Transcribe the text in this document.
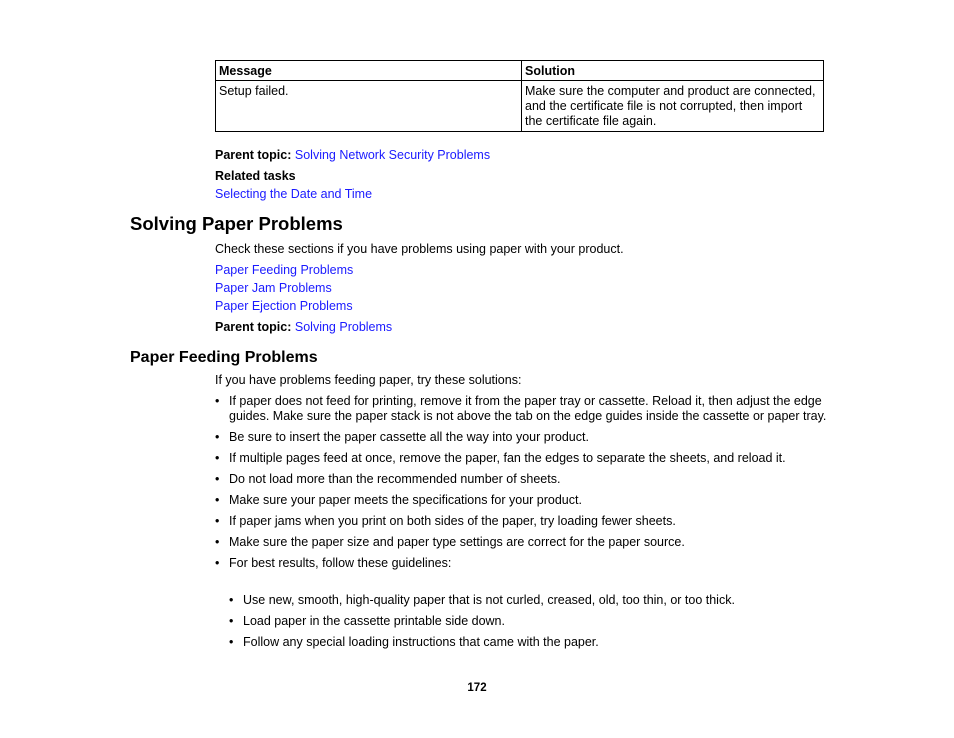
Message	Solution
Setup failed.	Make sure the computer and product are connected, and the certificate file is not corrupted, then import the certificate file again.
Parent topic: Solving Network Security Problems
Related tasks
Selecting the Date and Time
Solving Paper Problems
Check these sections if you have problems using paper with your product.
Paper Feeding Problems
Paper Jam Problems
Paper Ejection Problems
Parent topic: Solving Problems
Paper Feeding Problems
If you have problems feeding paper, try these solutions:
• If paper does not feed for printing, remove it from the paper tray or cassette. Reload it, then adjust the edge guides. Make sure the paper stack is not above the tab on the edge guides inside the cassette or paper tray.
• Be sure to insert the paper cassette all the way into your product.
• If multiple pages feed at once, remove the paper, fan the edges to separate the sheets, and reload it.
• Do not load more than the recommended number of sheets.
• Make sure your paper meets the specifications for your product.
• If paper jams when you print on both sides of the paper, try loading fewer sheets.
• Make sure the paper size and paper type settings are correct for the paper source.
• For best results, follow these guidelines:
• Use new, smooth, high-quality paper that is not curled, creased, old, too thin, or too thick.
• Load paper in the cassette printable side down.
• Follow any special loading instructions that came with the paper.
172
